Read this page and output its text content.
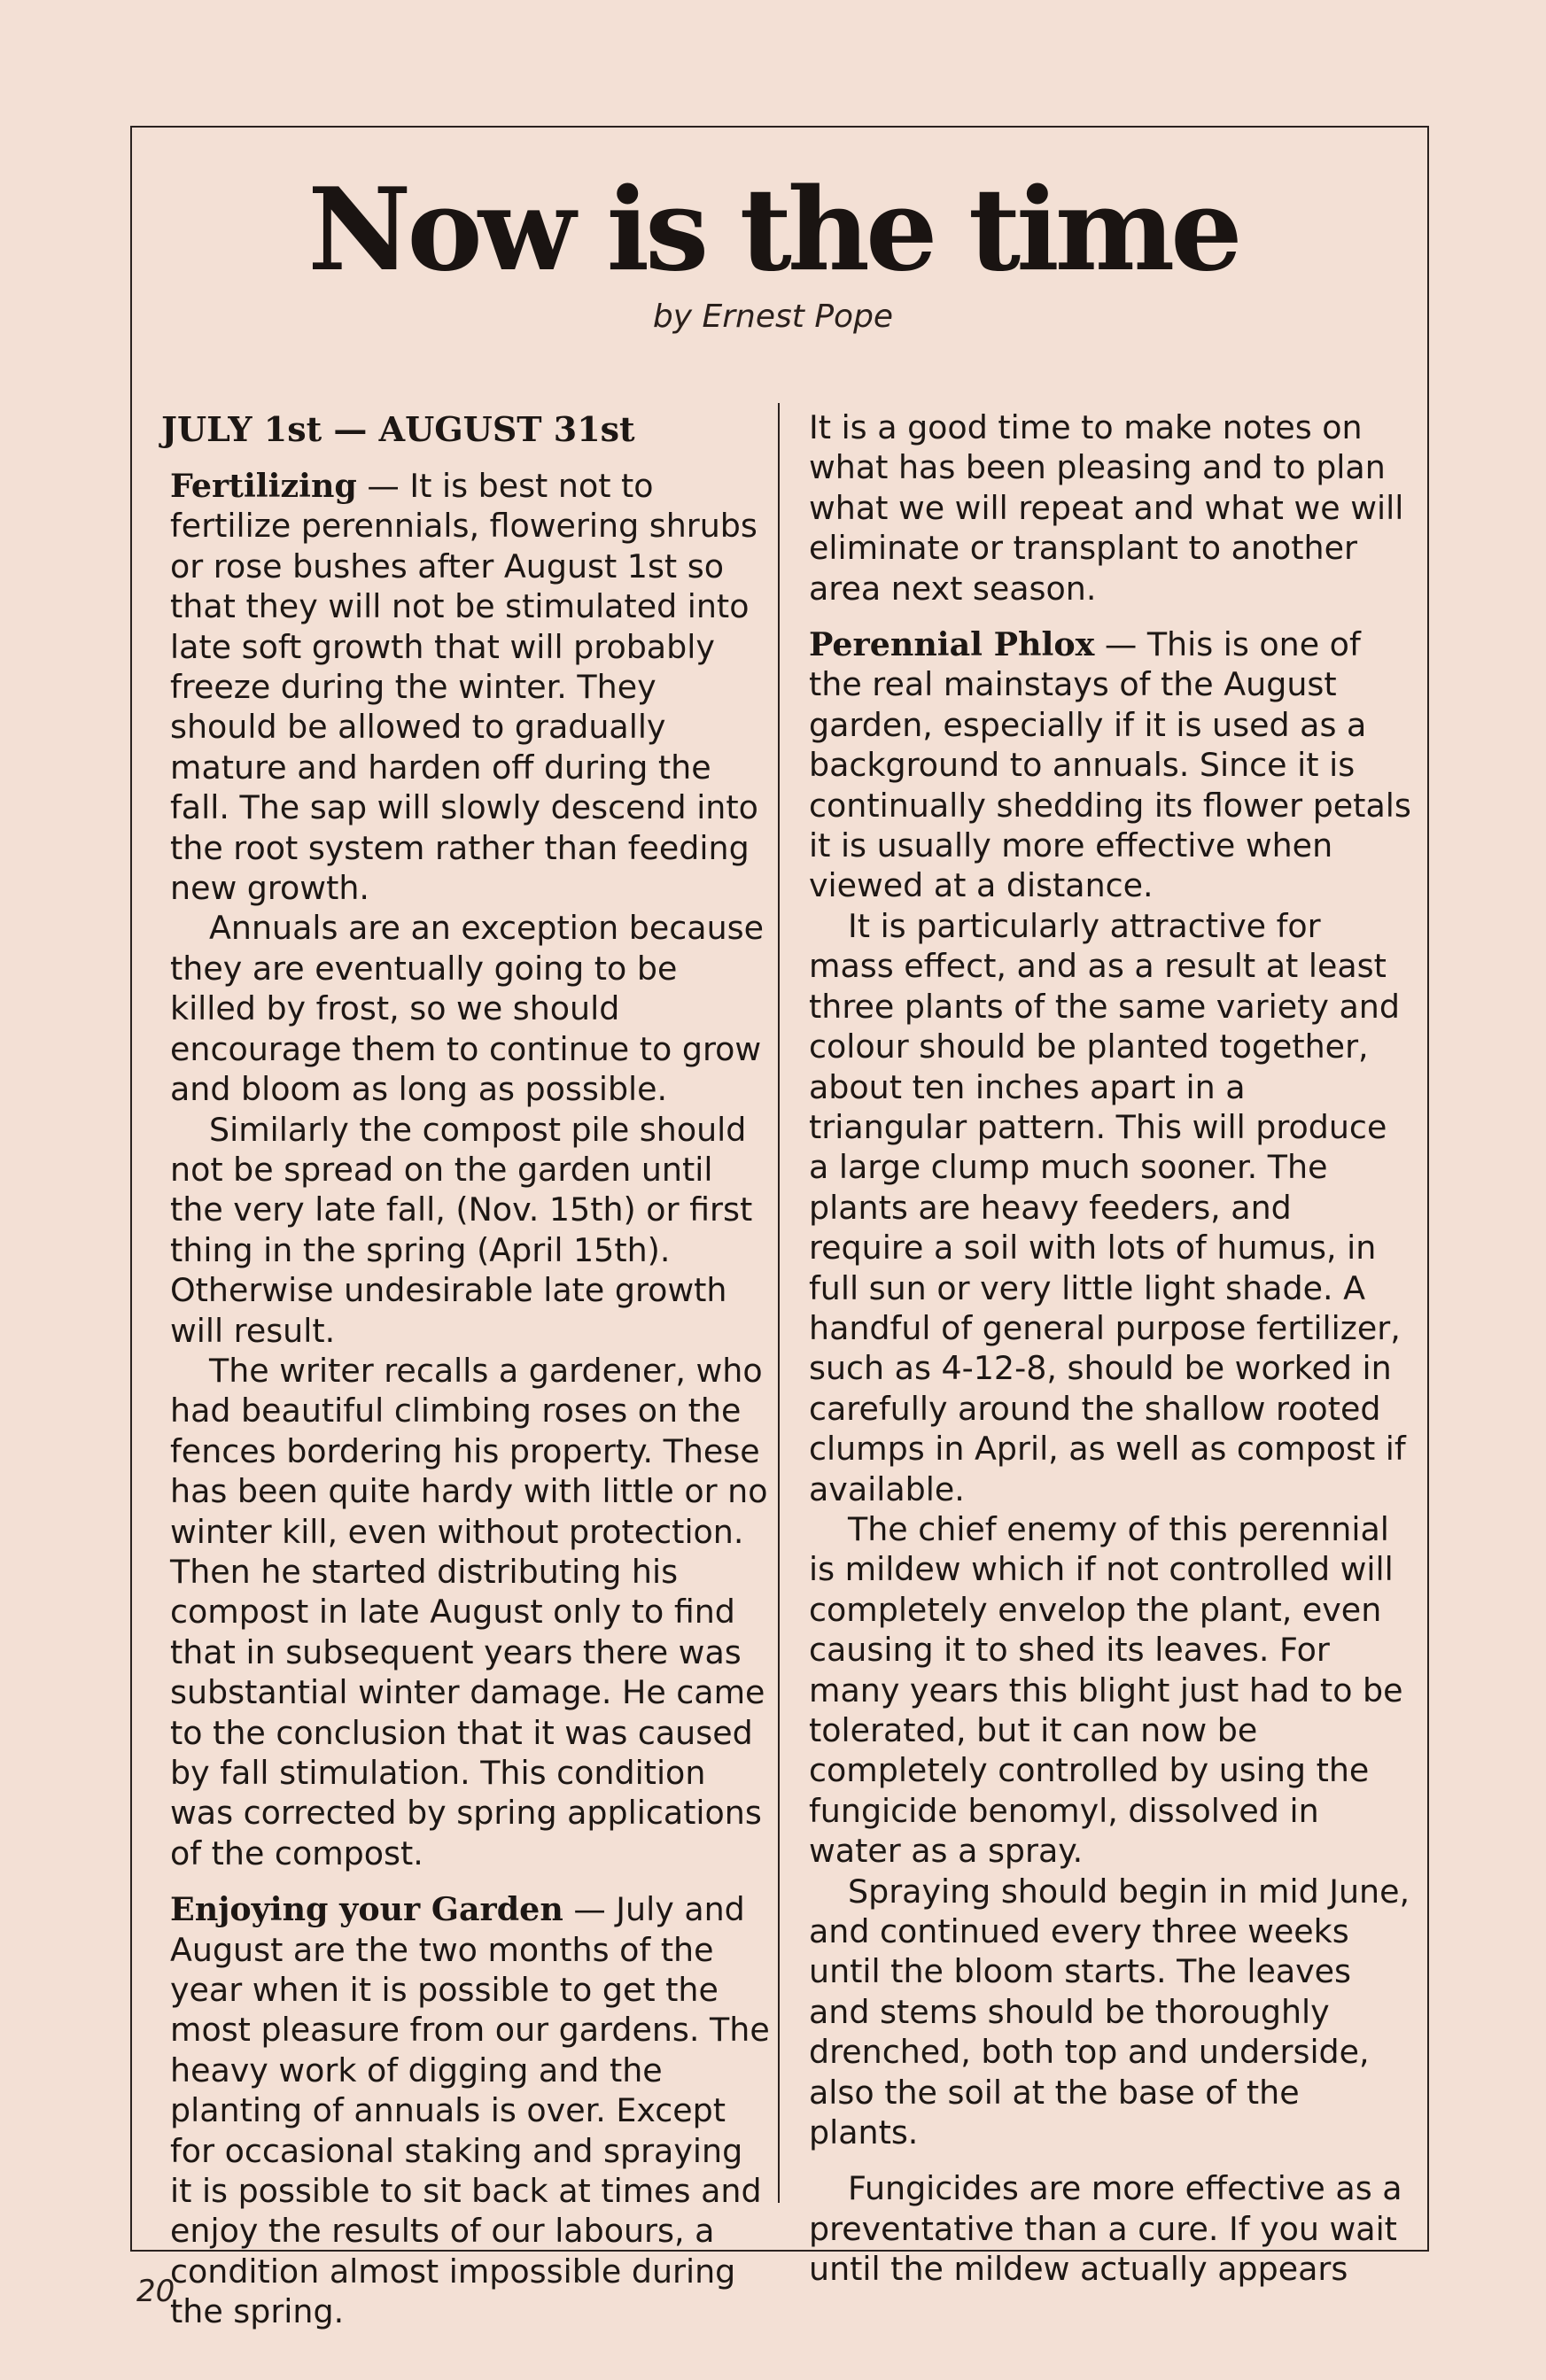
Now is the time
by Ernest Pope
JULY 1st — AUGUST 31st

Fertilizing — It is best not to fertilize perennials, flowering shrubs or rose bushes after August 1st so that they will not be stimulated into late soft growth that will probably freeze during the winter. They should be allowed to gradually mature and harden off during the fall. The sap will slowly descend into the root system rather than feeding new growth.

Annuals are an exception because they are eventually going to be killed by frost, so we should encourage them to continue to grow and bloom as long as possible.

Similarly the compost pile should not be spread on the garden until the very late fall, (Nov. 15th) or first thing in the spring (April 15th). Otherwise undesirable late growth will result.

The writer recalls a gardener, who had beautiful climbing roses on the fences bordering his property. These has been quite hardy with little or no winter kill, even without protection. Then he started distributing his compost in late August only to find that in subsequent years there was substantial winter damage. He came to the conclusion that it was caused by fall stimulation. This condition was corrected by spring applications of the compost.

Enjoying your Garden — July and August are the two months of the year when it is possible to get the most pleasure from our gardens. The heavy work of digging and the planting of annuals is over. Except for occasional staking and spraying it is possible to sit back at times and enjoy the results of our labours, a condition almost impossible during the spring.

It is a good time to make notes on what has been pleasing and to plan what we will repeat and what we will eliminate or transplant to another area next season.

Perennial Phlox — This is one of the real mainstays of the August garden, especially if it is used as a background to annuals. Since it is continually shedding its flower petals it is usually more effective when viewed at a distance.

It is particularly attractive for mass effect, and as a result at least three plants of the same variety and colour should be planted together, about ten inches apart in a triangular pattern. This will produce a large clump much sooner. The plants are heavy feeders, and require a soil with lots of humus, in full sun or very little light shade. A handful of general purpose fertilizer, such as 4-12-8, should be worked in carefully around the shallow rooted clumps in April, as well as compost if available.

The chief enemy of this perennial is mildew which if not controlled will completely envelop the plant, even causing it to shed its leaves. For many years this blight just had to be tolerated, but it can now be completely controlled by using the fungicide benomyl, dissolved in water as a spray.

Spraying should begin in mid June, and continued every three weeks until the bloom starts. The leaves and stems should be thoroughly drenched, both top and underside, also the soil at the base of the plants.

Fungicides are more effective as a preventative than a cure. If you wait until the mildew actually appears

20
